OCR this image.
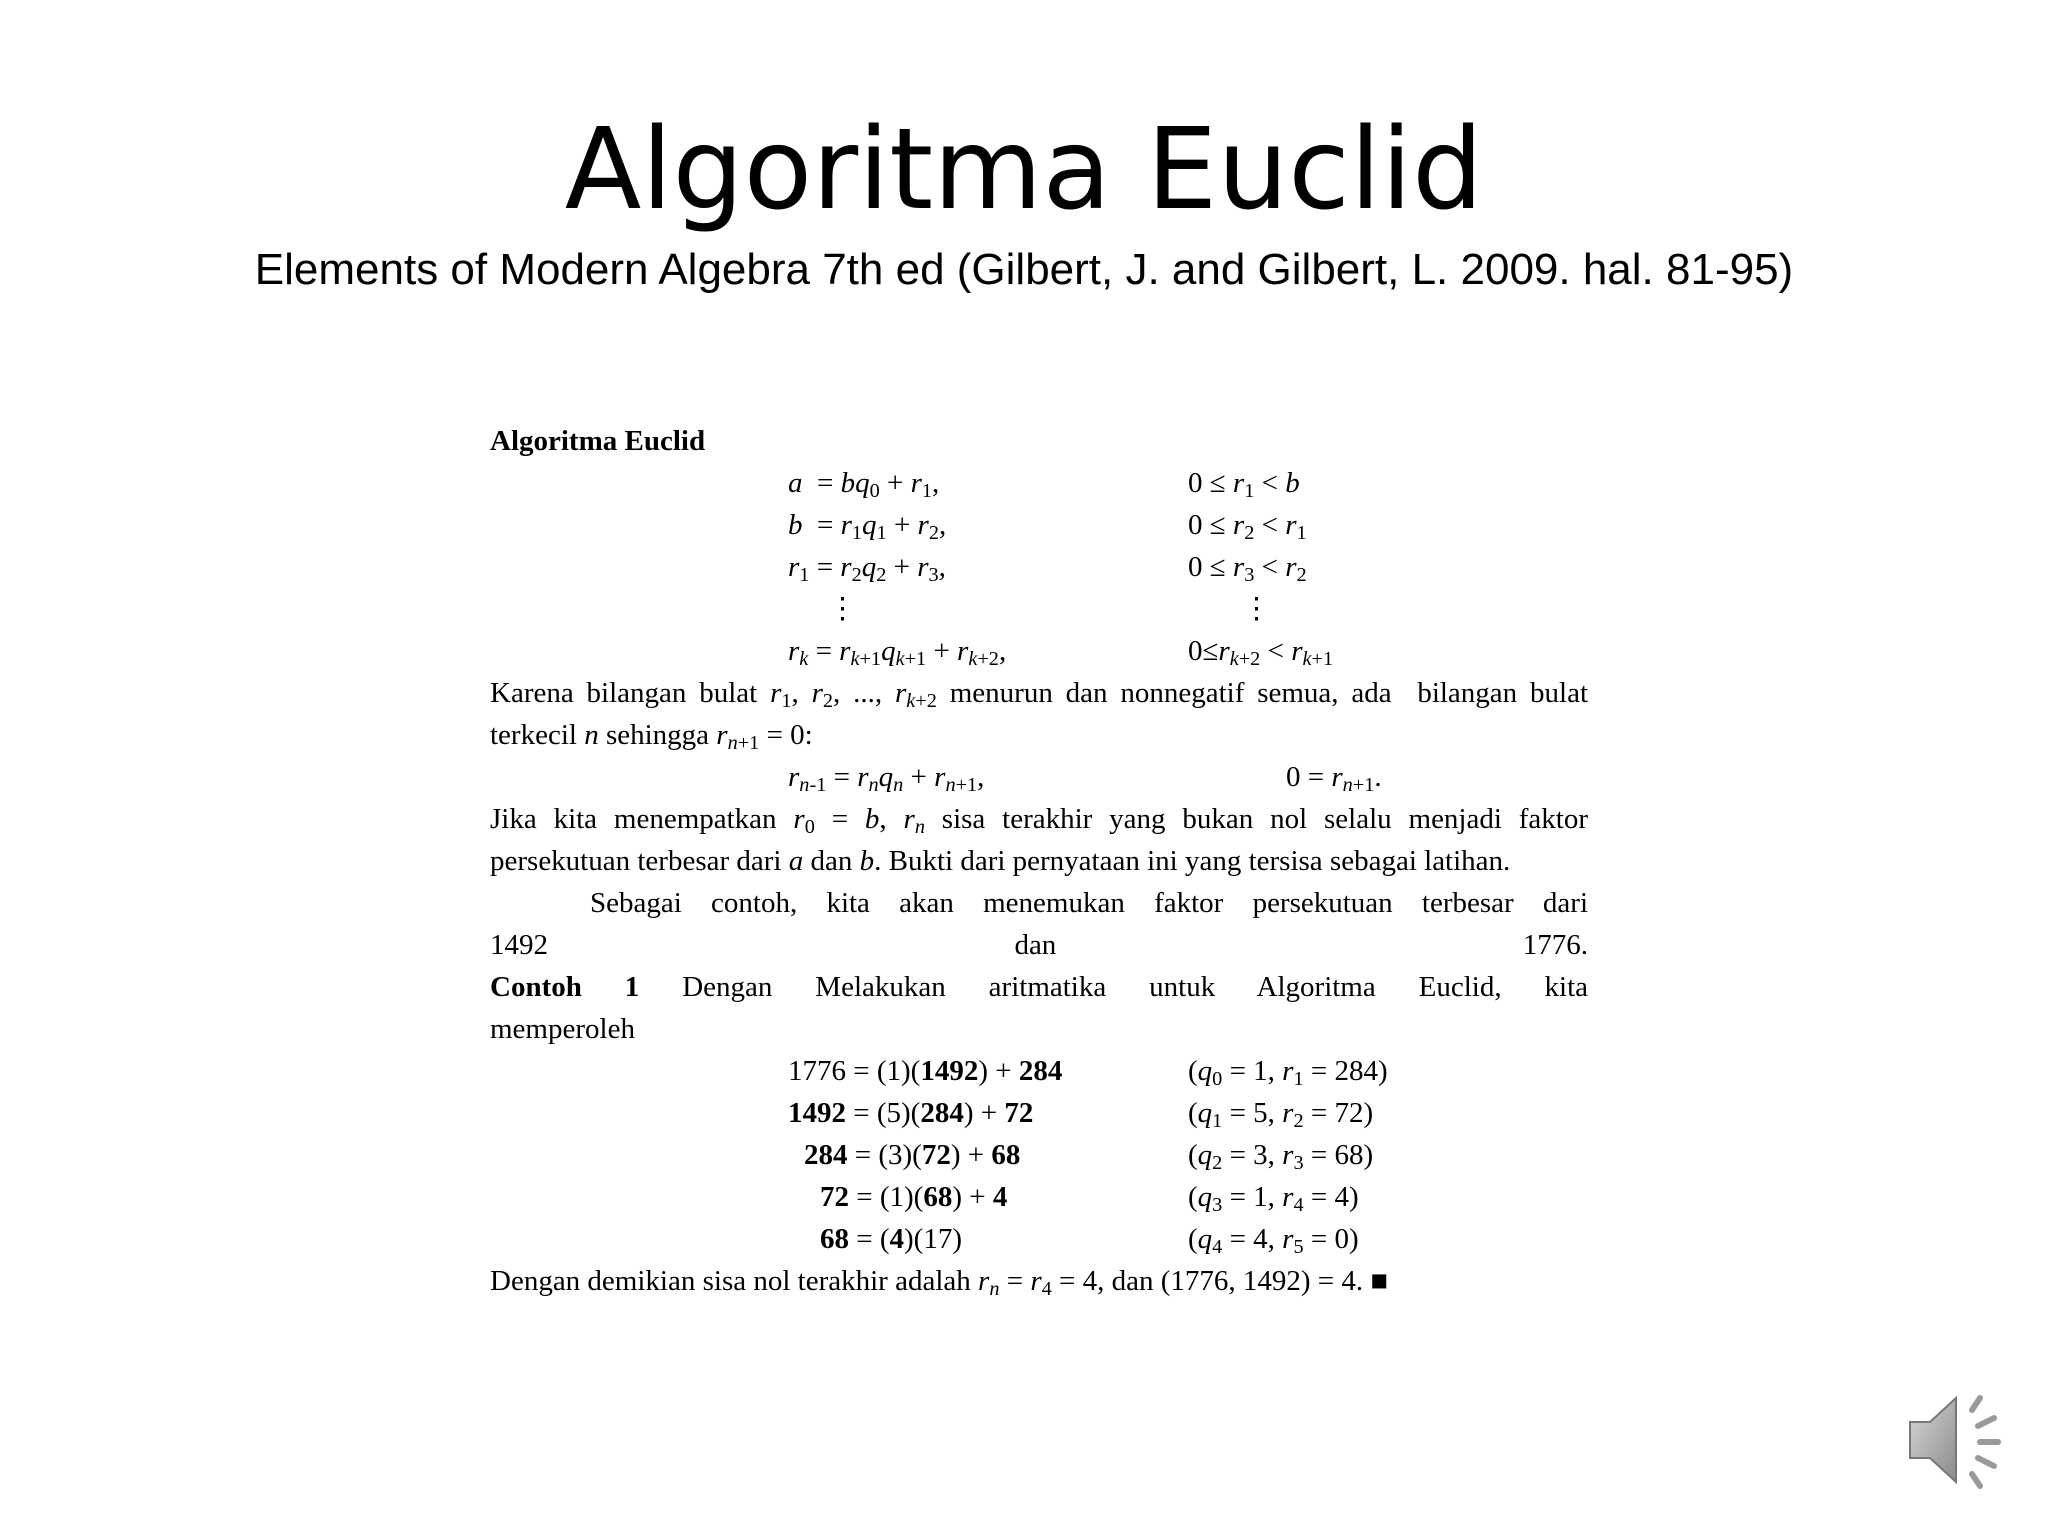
Algoritma Euclid
Elements of Modern Algebra 7th ed (Gilbert, J. and Gilbert, L. 2009. hal. 81-95)
Algoritma Euclid
$a = bq_0 + r_1$,	$0 \le r_1 < b$
$b = r_1q_1 + r_2$,	$0 \le r_2 < r_1$
$r_1 = r_2q_2 + r_3$,	$0 \le r_3 < r_2$
⋮	⋮
$r_k = r_{k+1}q_{k+1} + r_{k+2}$,	$0\le r_{k+2} < r_{k+1}$
Karena bilangan bulat $r_1$, $r_2$, ..., $r_{k+2}$ menurun dan nonnegatif semua, ada  bilangan bulat terkecil n sehingga $r_{n+1} = 0$:
$r_{n-1} = r_nq_n + r_{n+1}$,	$0 = r_{n+1}$.
Jika kita menempatkan $r_0 = b$, $r_n$ sisa terakhir yang bukan nol selalu menjadi faktor persekutuan terbesar dari a dan b. Bukti dari pernyataan ini yang tersisa sebagai latihan.
Sebagai contoh, kita akan menemukan faktor persekutuan terbesar dari
1492	dan	1776.
Contoh 1 Dengan Melakukan aritmatika untuk Algoritma Euclid, kita memperoleh
1776 = (1)(1492) + 284	($q_0 = 1$, $r_1 = 284$)
1492 = (5)(284) + 72	($q_1 = 5$, $r_2 = 72$)
284 = (3)(72) + 68	($q_2 = 3$, $r_3 = 68$)
72 = (1)(68) + 4	($q_3 = 1$, $r_4 = 4$)
68 = (4)(17)	($q_4 = 4$, $r_5 = 0$)
Dengan demikian sisa nol terakhir adalah $r_n = r_4 = 4$, dan (1776, 1492) = 4. ■
